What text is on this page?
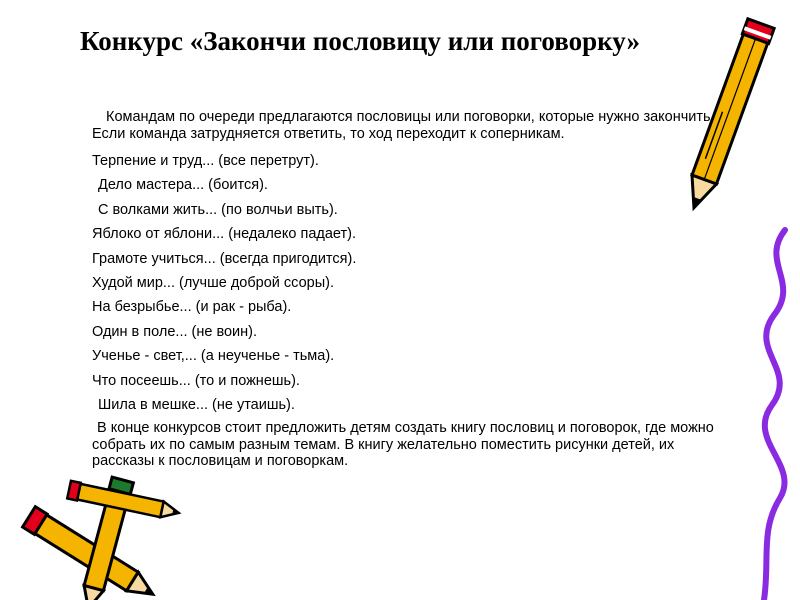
Конкурс «Закончи пословицу или поговорку»

Командам по очереди предлагаются пословицы или поговорки, которые нужно закончить. Если команда затрудняется ответить, то ход переходит к соперникам.

Терпение и труд... (все перетрут).
Дело мастера... (боится).
С волками жить... (по волчьи выть).
Яблоко от яблони... (недалеко падает).
Грамоте учиться... (всегда пригодится).
Худой мир... (лучше доброй ссоры).
На безрыбье... (и рак - рыба).
Один в поле... (не воин).
Ученье - свет,... (а неученье - тьма).
Что посеешь... (то и пожнешь).
Шила в мешке... (не утаишь).

В конце конкурсов стоит предложить детям создать книгу пословиц и поговорок, где можно собрать их по самым разным темам. В книгу желательно поместить рисунки детей, их рассказы к пословицам и поговоркам.
